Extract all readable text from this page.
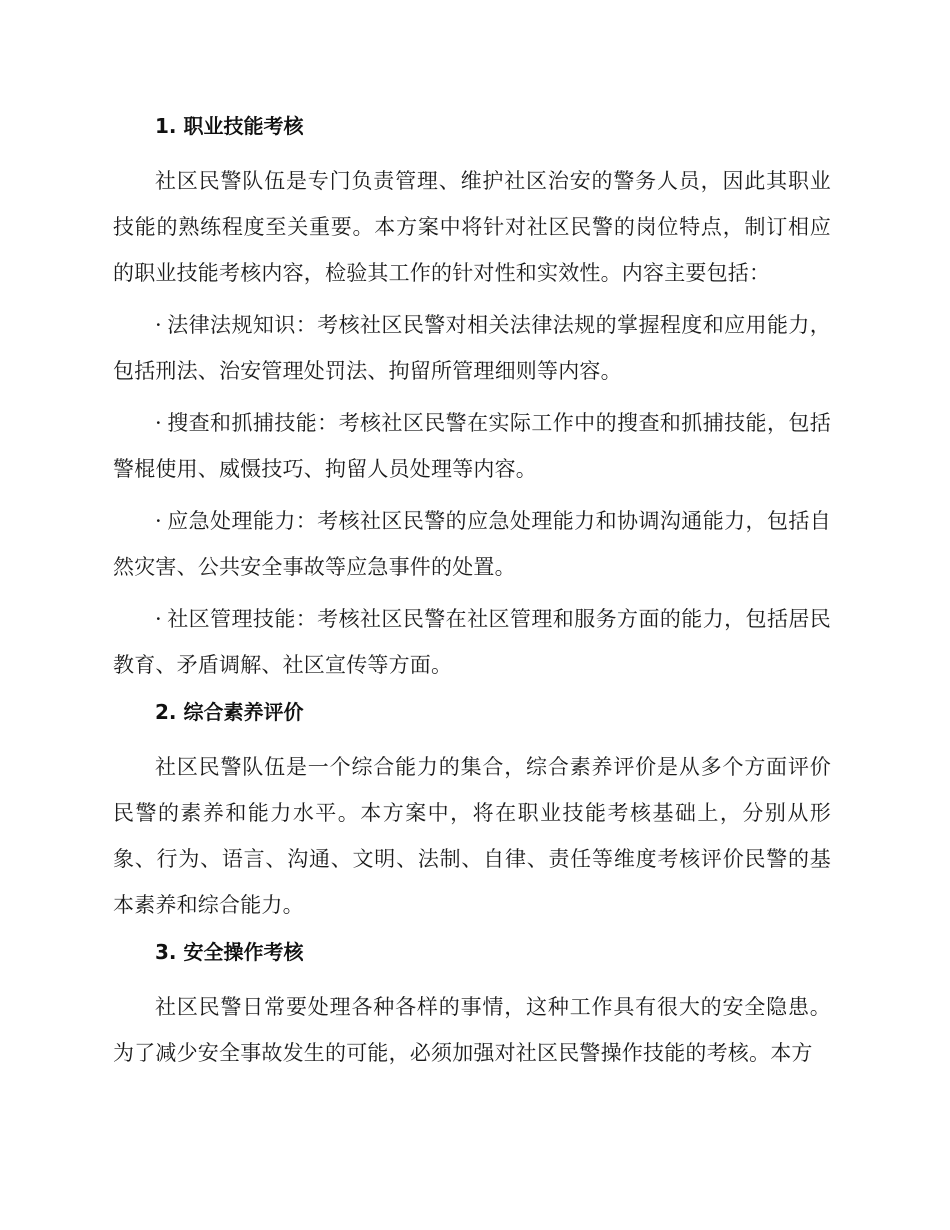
1. 职业技能考核

社区民警队伍是专门负责管理、维护社区治安的警务人员，因此其职业技能的熟练程度至关重要。本方案中将针对社区民警的岗位特点，制订相应的职业技能考核内容，检验其工作的针对性和实效性。内容主要包括：

· 法律法规知识：考核社区民警对相关法律法规的掌握程度和应用能力，包括刑法、治安管理处罚法、拘留所管理细则等内容。

· 搜查和抓捕技能：考核社区民警在实际工作中的搜查和抓捕技能，包括警棍使用、威慑技巧、拘留人员处理等内容。

· 应急处理能力：考核社区民警的应急处理能力和协调沟通能力，包括自然灾害、公共安全事故等应急事件的处置。

· 社区管理技能：考核社区民警在社区管理和服务方面的能力，包括居民教育、矛盾调解、社区宣传等方面。

2. 综合素养评价

社区民警队伍是一个综合能力的集合，综合素养评价是从多个方面评价民警的素养和能力水平。本方案中，将在职业技能考核基础上，分别从形象、行为、语言、沟通、文明、法制、自律、责任等维度考核评价民警的基本素养和综合能力。

3. 安全操作考核

社区民警日常要处理各种各样的事情，这种工作具有很大的安全隐患。为了减少安全事故发生的可能，必须加强对社区民警操作技能的考核。本方
